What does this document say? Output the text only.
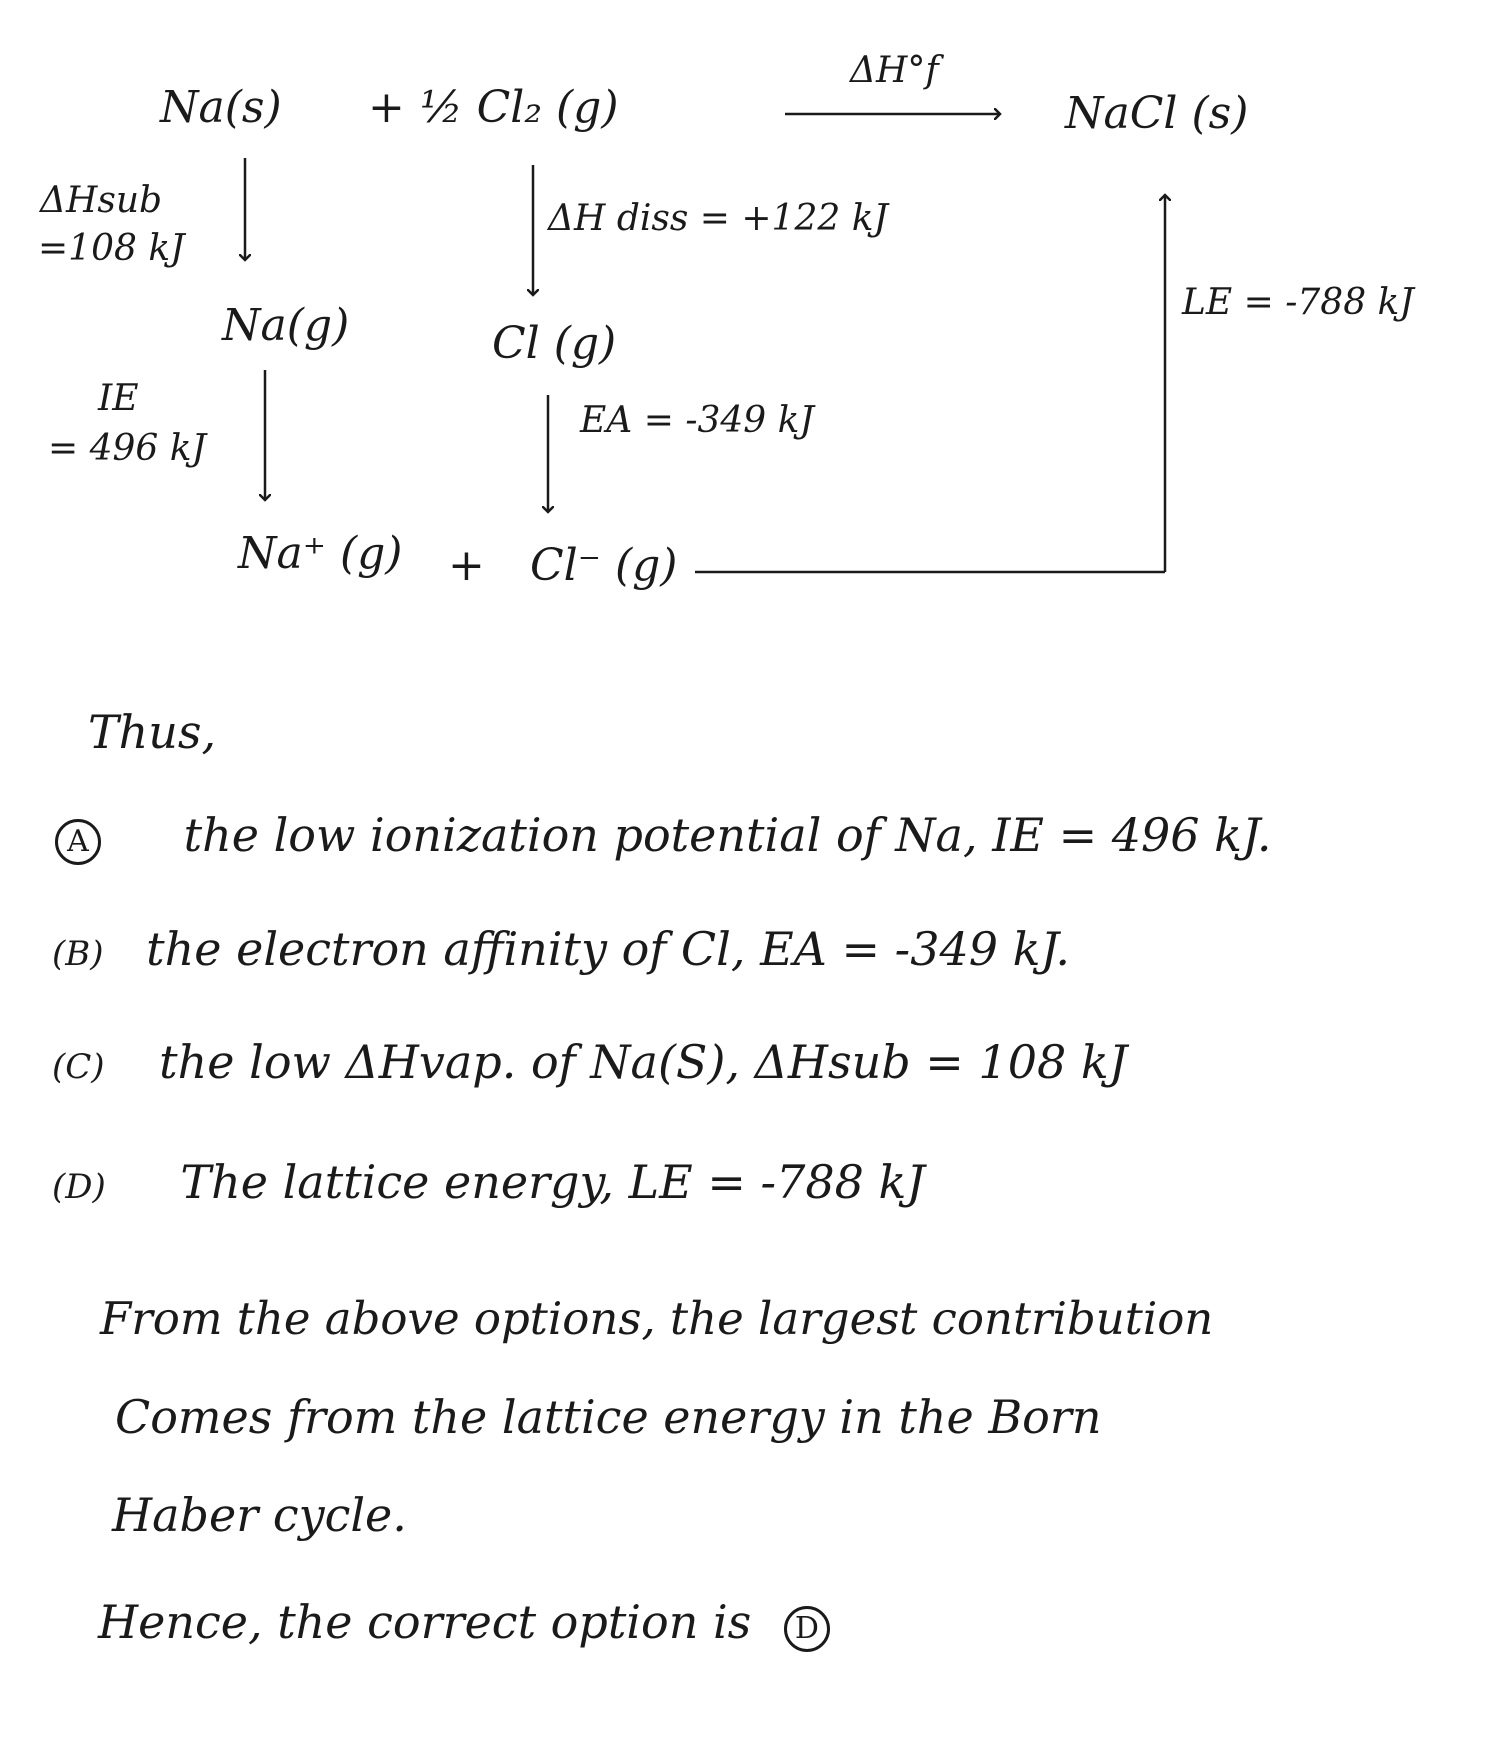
Na(s) + ½ Cl₂ (g)
ΔH°f
NaCl (s)
ΔHsub
=108 kJ
Na(g)
IE
= 496 kJ
Na⁺ (g) + Cl⁻ (g)
ΔH diss = +122 kJ
Cl (g)
EA = -349 kJ
LE = -788 kJ
Thus,
A the low ionization potential of Na, IE = 496 kJ.
(B) the electron affinity of Cl, EA = -349 kJ.
(C) the low ΔHvap. of Na(S), ΔHsub = 108 kJ
(D) The lattice energy, LE = -788 kJ
From the above options, the largest contribution
Comes from the lattice energy in the Born
Haber cycle.
Hence, the correct option is D
